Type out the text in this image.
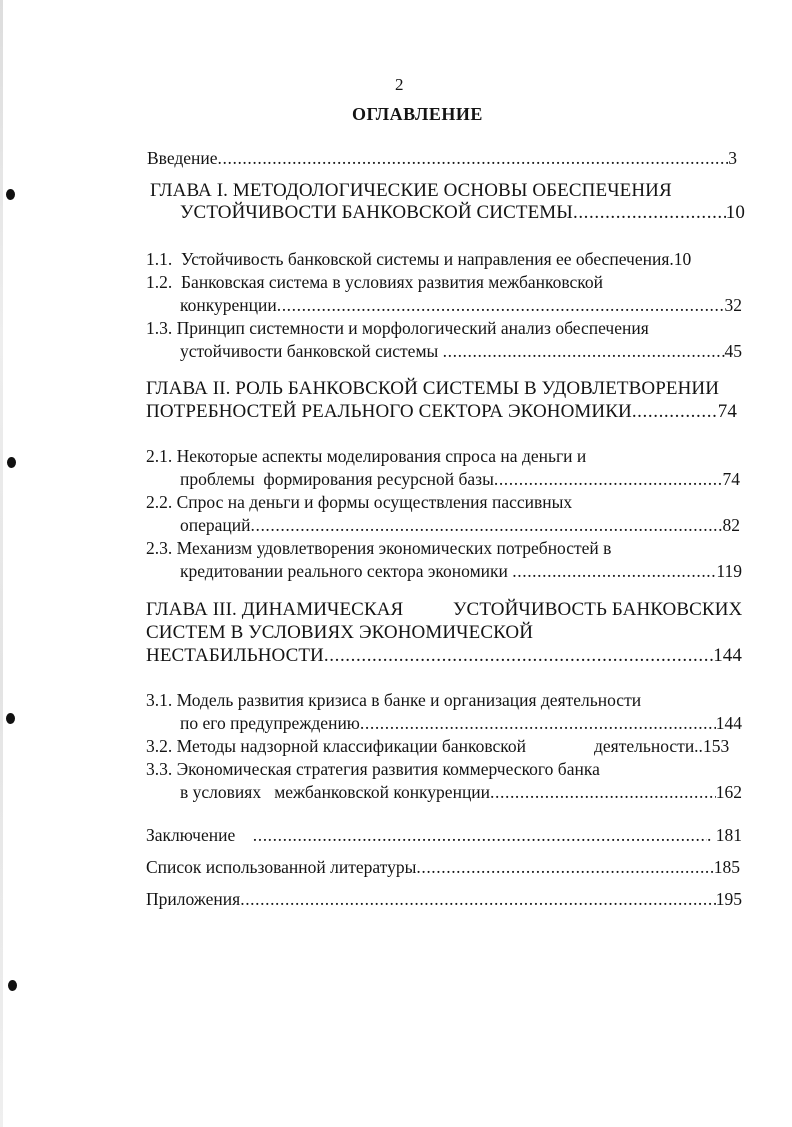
2
ОГЛАВЛЕНИЕ
Введение .....	3
ГЛАВА I. МЕТОДОЛОГИЧЕСКИЕ ОСНОВЫ ОБЕСПЕЧЕНИЯ
УСТОЙЧИВОСТИ БАНКОВСКОЙ СИСТЕМЫ .....	10
1.1.  Устойчивость банковской системы и направления ее обеспечения.10
1.2.  Банковская система в условиях развития межбанковской
конкуренции .....	32
1.3. Принцип системности и морфологический анализ обеспечения
устойчивости банковской системы
.....	45
ГЛАВА II. РОЛЬ БАНКОВСКОЙ СИСТЕМЫ В УДОВЛЕТВОРЕНИИ
ПОТРЕБНОСТЕЙ РЕАЛЬНОГО СЕКТОРА ЭКОНОМИКИ .....	74
2.1. Некоторые аспекты моделирования спроса на деньги и
проблемы  формирования ресурсной базы .....	74
2.2. Спрос на деньги и формы осуществления пассивных
операций .....	82
2.3. Механизм удовлетворения экономических потребностей в
кредитовании реального сектора экономики
.....	119
ГЛАВА III. ДИНАМИЧЕСКАЯ	УСТОЙЧИВОСТЬ БАНКОВСКИХ
СИСТЕМ В УСЛОВИЯХ ЭКОНОМИЧЕСКОЙ
НЕСТАБИЛЬНОСТИ .....	144
3.1. Модель развития кризиса в банке и организация деятельности
по его предупреждению .....	144
3.2. Методы надзорной классификации банковской	деятельности..153
3.3. Экономическая стратегия развития коммерческого банка
в условиях   межбанковской конкуренции .....	162
Заключение
.....	. 181
Список использованной литературы .....	185
Приложения .....	195
